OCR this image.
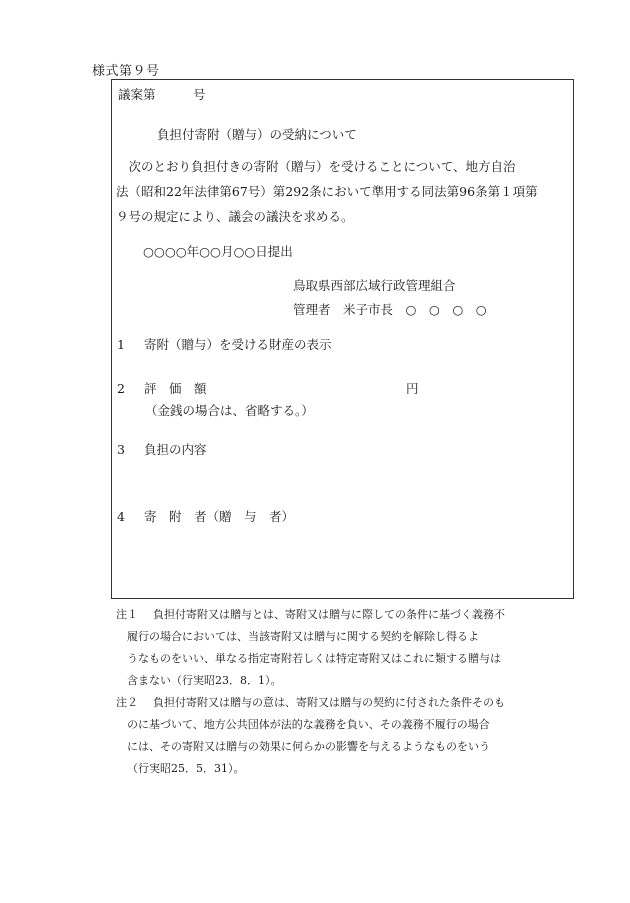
様式第９号
議案第　　　号
負担付寄附（贈与）の受納について
　次のとおり負担付きの寄附（贈与）を受けることについて、地方自治
法（昭和22年法律第67号）第292条において準用する同法第96条第１項第
９号の規定により、議会の議決を求める。
○○○○年○○月○○日提出
鳥取県西部広域行政管理組合
管理者　米子市長　○　○　○　○
1 寄附（贈与）を受ける財産の表示
2 評　価　額	円
（金銭の場合は、省略する。）
3 負担の内容
4 寄　附　者（贈　与　者）
注１ 負担付寄附又は贈与とは、寄附又は贈与に際しての条件に基づく義務不
履行の場合においては、当該寄附又は贈与に関する契約を解除し得るよ
うなものをいい、単なる指定寄附若しくは特定寄附又はこれに類する贈与は
含まない（行実昭23．8．1）。
注２ 負担付寄附又は贈与の意は、寄附又は贈与の契約に付された条件そのも
のに基づいて、地方公共団体が法的な義務を負い、その義務不履行の場合
には、その寄附又は贈与の効果に何らかの影響を与えるようなものをいう
（行実昭25．5．31）。
